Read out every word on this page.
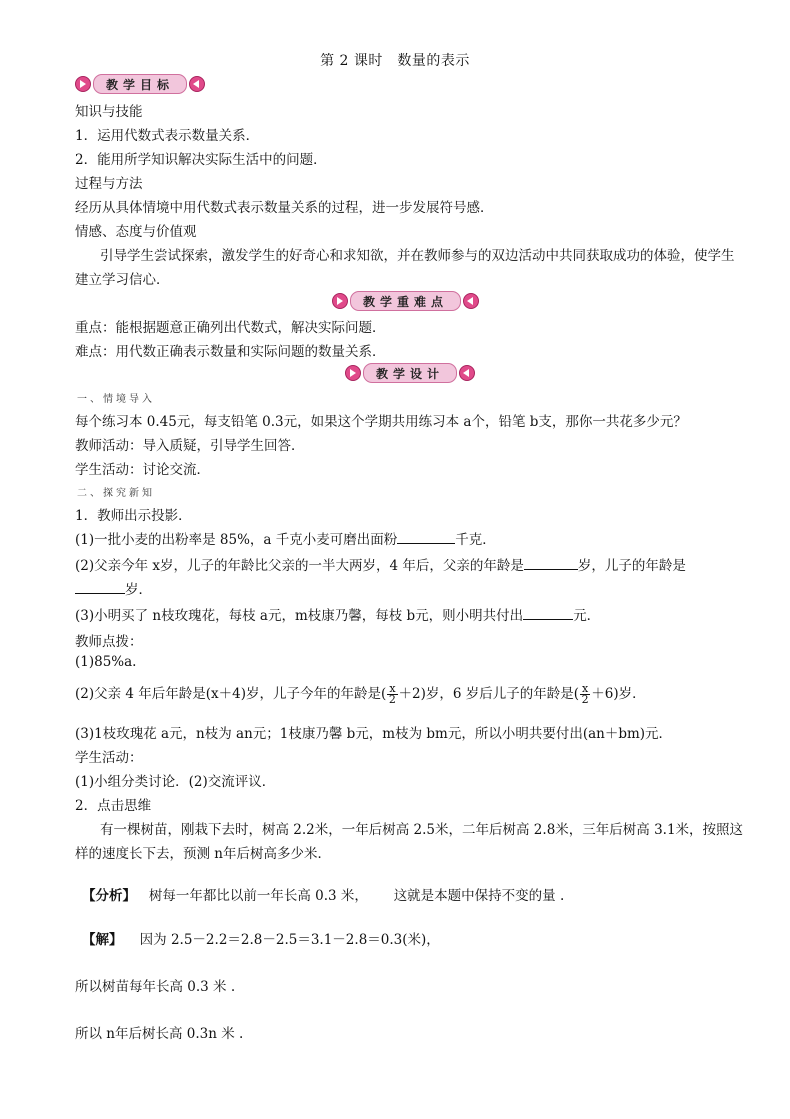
第 2 课时　数量的表示
教学目标
知识与技能
1．运用代数式表示数量关系．
2．能用所学知识解决实际生活中的问题．
过程与方法
经历从具体情境中用代数式表示数量关系的过程，进一步发展符号感．
情感、态度与价值观
引导学生尝试探索，激发学生的好奇心和求知欲，并在教师参与的双边活动中共同获取成功的体验，使学生
建立学习信心．
教学重难点
重点：能根据题意正确列出代数式，解决实际问题．
难点：用代数正确表示数量和实际问题的数量关系．
教学设计
一、情境导入
每个练习本 0.45元，每支铅笔 0.3元，如果这个学期共用练习本 a个，铅笔 b支，那你一共花多少元？
教师活动：导入质疑，引导学生回答．
学生活动：讨论交流．
二、探究新知
1．教师出示投影．
(1)一批小麦的出粉率是 85%，a 千克小麦可磨出面粉	千克．
(2)父亲今年 x岁，儿子的年龄比父亲的一半大两岁，4 年后，父亲的年龄是	岁，儿子的年龄是
岁．
(3)小明买了 n枝玫瑰花，每枝 a元，m枝康乃馨，每枝 b元，则小明共付出	元．
教师点拨：
(1)85%a.
(2)父亲 4 年后年龄是(x＋4)岁，儿子今年的年龄是( $\frac{x}{2} +2$)岁，6 岁后儿子的年龄是( $\frac{x}{2} +6$)岁．
(3)1枝玫瑰花 a元，n枝为 an元；1枝康乃馨 b元，m枝为 bm元，所以小明共要付出(an＋bm)元．
学生活动：
(1)小组分类讨论．(2)交流评议．
2．点击思维
有一棵树苗，刚栽下去时，树高 2.2米，一年后树高 2.5米，二年后树高 2.8米，三年后树高 3.1米，按照这
样的速度长下去，预测 n年后树高多少米．
【分析】 树每一年都比以前一年长高 0.3 米， 这就是本题中保持不变的量 .
【解】 因为 2.5－2.2＝2.8－2.5＝3.1－2.8＝0.3(米)，
所以树苗每年长高 0.3 米 .
所以 n年后树长高 0.3n 米 .
